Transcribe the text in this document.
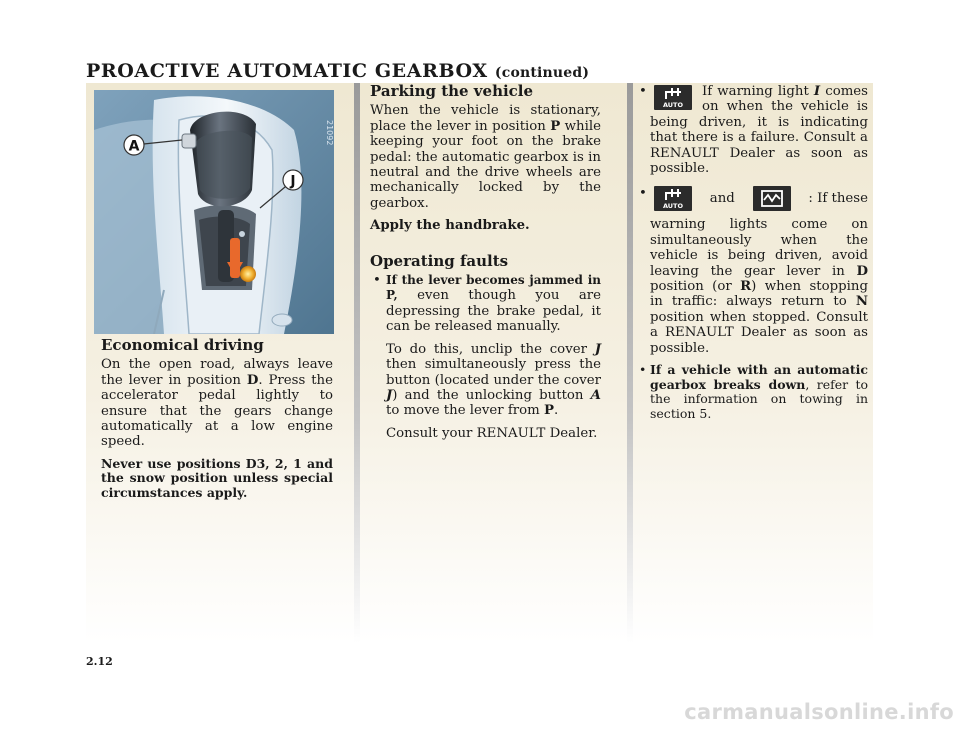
PROACTIVE AUTOMATIC GEARBOX (continued)
A
J
21092
Economical driving

On the open road, always leave the lever in position D. Press the accelerator pedal lightly to ensure that the gears change automatically at a low engine speed.

Never use positions D3, 2, 1 and the snow position unless special circumstances apply.

Parking the vehicle

When the vehicle is stationary, place the lever in position P while keeping your foot on the brake pedal: the automatic gearbox is in neutral and the drive wheels are mechanically locked by the gearbox.

Apply the handbrake.

Operating faults
• If the lever becomes jammed in P, even though you are depressing the brake pedal, it can be released manually.

To do this, unclip the cover J then simultaneously press the button (located under the cover J) and the unlocking button A to move the lever from P.

Consult your RENAULT Dealer.

•
AUTO
If warning light I comes on when the vehicle is being driven, it is indicating that there is a failure. Consult a RENAULT Dealer as soon as possible.
•
AUTO
and	: If these
warning lights come on simultaneously when the vehicle is being driven, avoid leaving the gear lever in D position (or R) when stopping in traffic: always return to N position when stopped. Consult a RENAULT Dealer as soon as possible.
• If a vehicle with an automatic gearbox breaks down, refer to the information on towing in section 5.
2.12
carmanualsonline.info
